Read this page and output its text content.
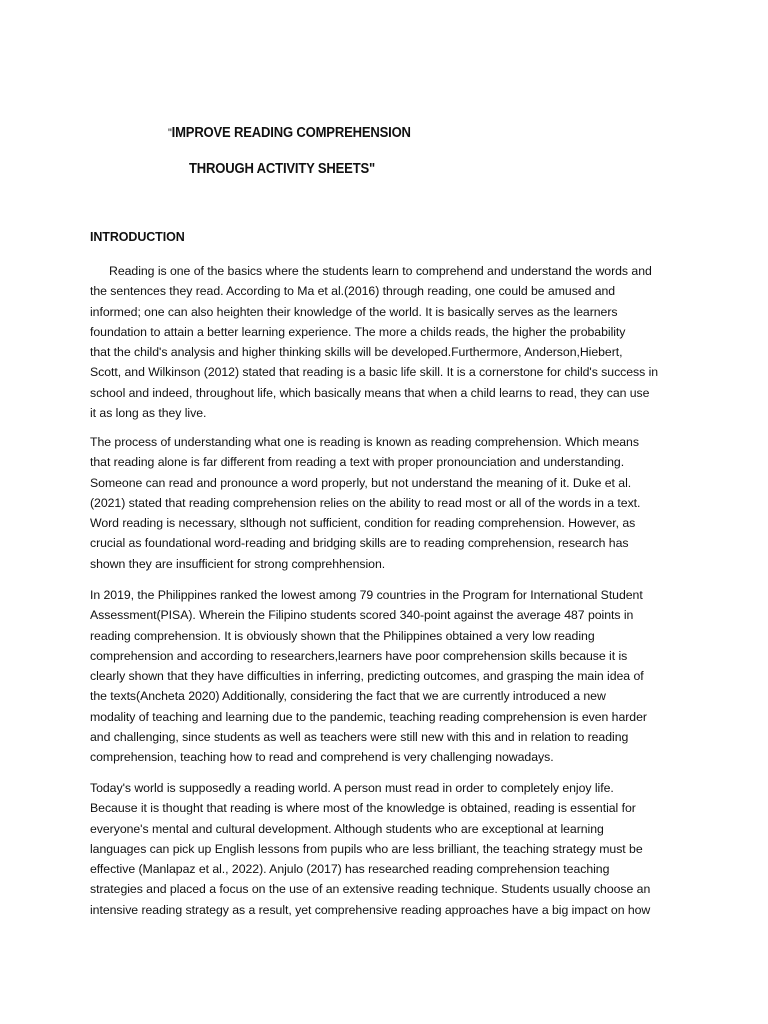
"IMPROVE READING COMPREHENSION
THROUGH ACTIVITY SHEETS"
INTRODUCTION
Reading is one of the basics where the students learn to comprehend and understand the words and
the sentences they read. According to Ma et al.(2016) through reading, one could be amused and
informed; one can also heighten their knowledge of the world. It is basically serves as the learners
foundation to attain a better learning experience. The more a childs reads, the higher the probability
that the child's analysis and higher thinking skills will be developed.Furthermore, Anderson,Hiebert,
Scott, and Wilkinson (2012) stated that reading is a basic life skill. It is a cornerstone for child's success in
school and indeed, throughout life, which basically means that when a child learns to read, they can use
it as long as they live.
The process of understanding what one is reading is known as reading comprehension. Which means
that reading alone is far different from reading a text with proper pronounciation and understanding.
Someone can read and pronounce a word properly, but not understand the meaning of it. Duke et al.
(2021) stated that reading comprehension relies on the ability to read most or all of the words in a text.
Word reading is necessary, slthough not sufficient, condition for reading comprehension. However, as
crucial as foundational word-reading and bridging skills are to reading comprehension, research has
shown they are insufficient for strong comprehhension.
In 2019, the Philippines ranked the lowest among 79 countries in the Program for International Student
Assessment(PISA). Wherein the Filipino students scored 340-point against the average 487 points in
reading comprehension. It is obviously shown that the Philippines obtained a very low reading
comprehension and according to researchers,learners have poor comprehension skills because it is
clearly shown that they have difficulties in inferring, predicting outcomes, and grasping the main idea of
the texts(Ancheta 2020) Additionally, considering the fact that we are currently introduced a new
modality of teaching and learning due to the pandemic, teaching reading comprehension is even harder
and challenging, since students as well as teachers were still new with this and in relation to reading
comprehension, teaching how to read and comprehend is very challenging nowadays.
Today's world is supposedly a reading world. A person must read in order to completely enjoy life.
Because it is thought that reading is where most of the knowledge is obtained, reading is essential for
everyone's mental and cultural development. Although students who are exceptional at learning
languages can pick up English lessons from pupils who are less brilliant, the teaching strategy must be
effective (Manlapaz et al., 2022). Anjulo (2017) has researched reading comprehension teaching
strategies and placed a focus on the use of an extensive reading technique. Students usually choose an
intensive reading strategy as a result, yet comprehensive reading approaches have a big impact on how
